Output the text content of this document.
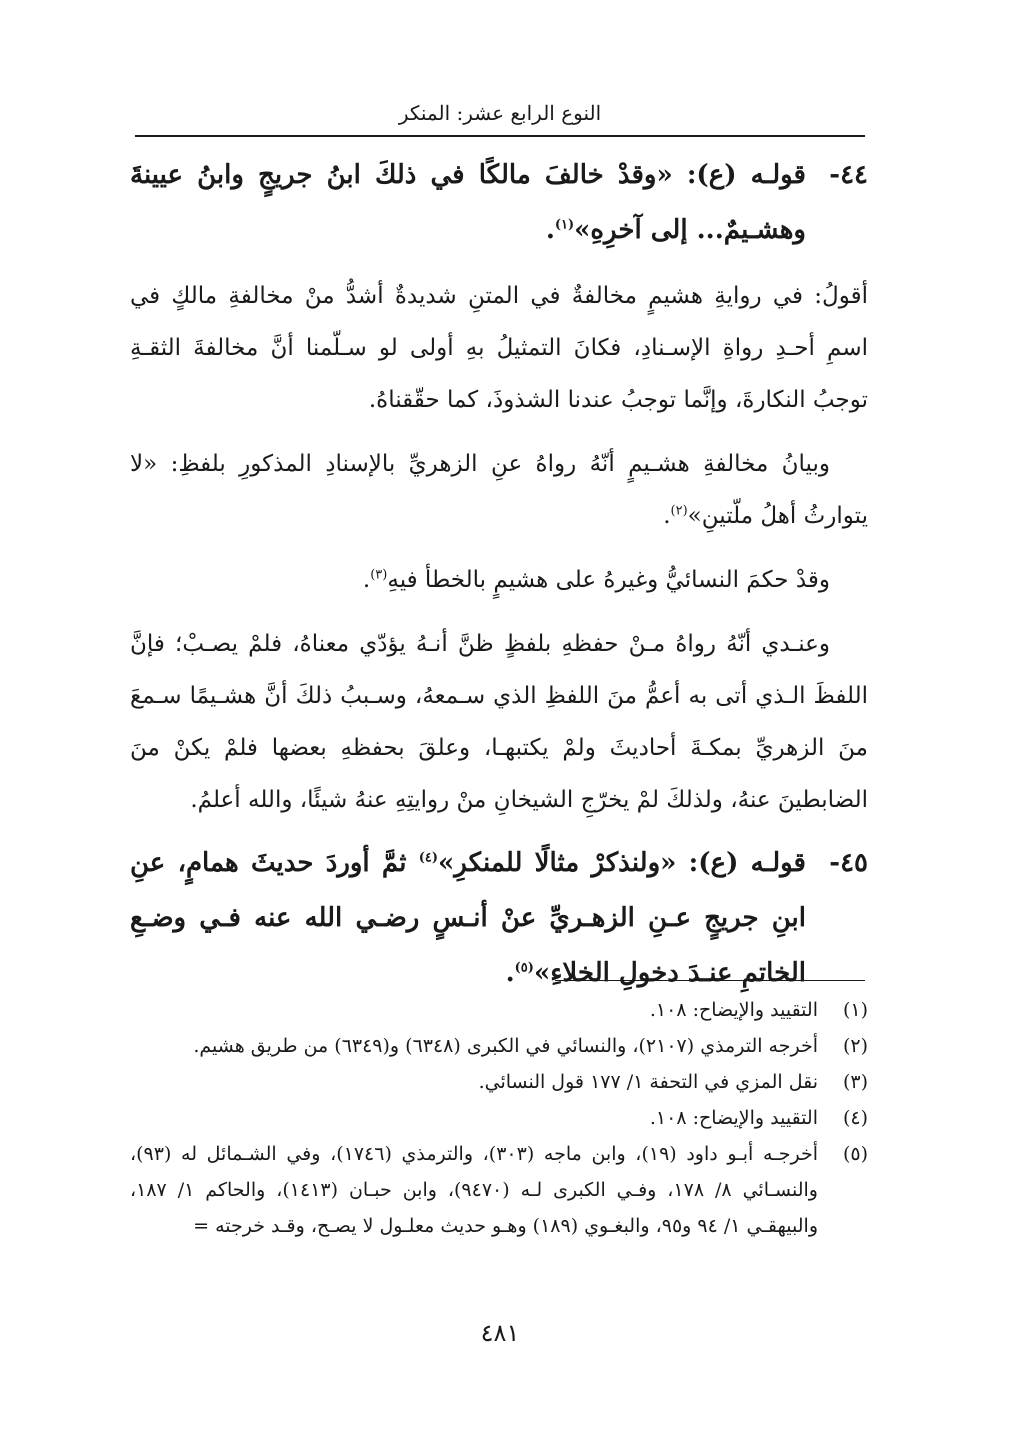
النوع الرابع عشر: المنكر
٤٤-
قولـه (ع): «وقدْ خالفَ مالكًا في ذلكَ ابنُ جريجٍ وابنُ عيينةَ وهشـيمٌ... إلى آخرِهِ»$^{(١)}$.

أقولُ: في روايةِ هشيمٍ مخالفةٌ في المتنِ شديدةٌ أشدُّ منْ مخالفةِ مالكٍ في اسمِ أحـدِ رواةِ الإسـنادِ، فكانَ التمثيلُ بهِ أولى لو سـلّمنا أنَّ مخالفةَ الثقـةِ توجبُ النكارةَ، وإنَّما توجبُ عندنا الشذوذَ، كما حقّقناهُ.

وبيانُ مخالفةِ هشـيمٍ أنّهُ رواهُ عنِ الزهريِّ بالإسنادِ المذكورِ بلفظِ: «لا يتوارثُ أهلُ ملّتينِ»$^{(٢)}$.

وقدْ حكمَ النسائيُّ وغيرهُ على هشيمٍ بالخطأ فيهِ$^{(٣)}$.

وعنـدي أنّهُ رواهُ مـنْ حفظهِ بلفظٍ ظنَّ أنـهُ يؤدّي معناهُ، فلمْ يصـبْ؛ فإنَّ اللفظَ الـذي أتى به أعمُّ منَ اللفظِ الذي سـمعهُ، وسـببُ ذلكَ أنَّ هشـيمًا سـمعَ منَ الزهريِّ بمكـةَ أحاديثَ ولمْ يكتبهـا، وعلقَ بحفظهِ بعضها فلمْ يكنْ منَ الضابطينَ عنهُ، ولذلكَ لمْ يخرّجِ الشيخانِ منْ روايتِهِ عنهُ شيئًا، والله أعلمُ.

٤٥-
قولـه (ع): «ولنذكرْ مثالًا للمنكرِ»$^{(٤)}$ ثمَّ أوردَ حديثَ همامٍ، عنِ ابنِ جريجٍ عـنِ الزهـريِّ عنْ أنـسٍ رضـي الله عنه فـي وضـعِ الخاتمِ عنـدَ دخولِ الخلاءِ»$^{(٥)}$.
(١)
التقييد والإيضاح: ١٠٨.
(٢)
أخرجه الترمذي (٢١٠٧)، والنسائي في الكبرى (٦٣٤٨) و(٦٣٤٩) من طريق هشيم.
(٣)
نقل المزي في التحفة ١/ ١٧٧ قول النسائي.
(٤)
التقييد والإيضاح: ١٠٨.
(٥)
أخرجـه أبـو داود (١٩)، وابن ماجه (٣٠٣)، والترمذي (١٧٤٦)، وفي الشـمائل له (٩٣)، والنسـائي ٨/ ١٧٨، وفـي الكبرى لـه (٩٤٧٠)، وابن حبـان (١٤١٣)، والحاكم ١/ ١٨٧، والبيهقـي ١/ ٩٤ و٩٥، والبغـوي (١٨٩) وهـو حديث معلـول لا يصـح، وقـد خرجته =
٤٨١
